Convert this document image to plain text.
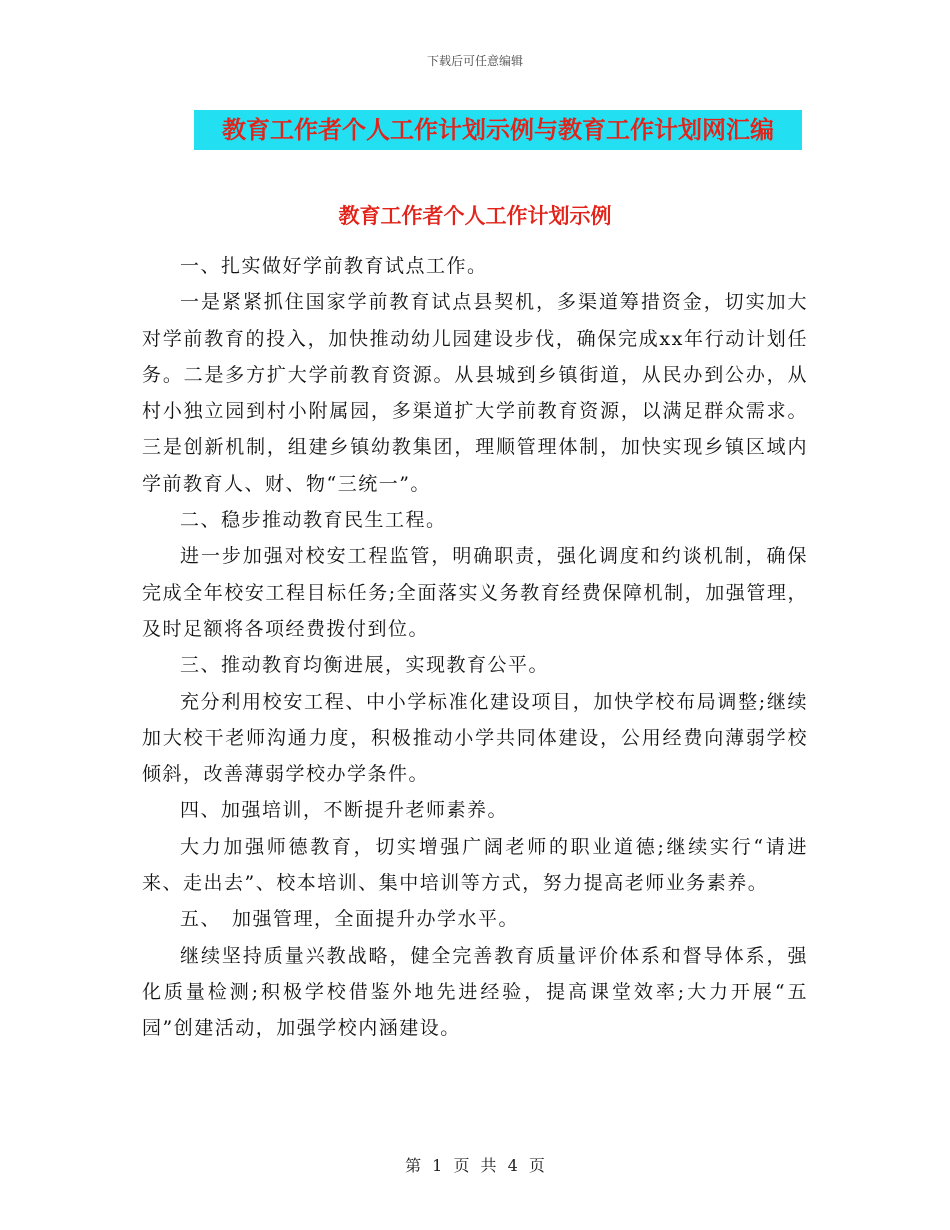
下载后可任意编辑
教育工作者个人工作计划示例与教育工作计划网汇编
教育工作者个人工作计划示例

一、扎实做好学前教育试点工作。

一是紧紧抓住国家学前教育试点县契机，多渠道筹措资金，切实加大对学前教育的投入，加快推动幼儿园建设步伐，确保完成xx年行动计划任务。二是多方扩大学前教育资源。从县城到乡镇街道，从民办到公办，从村小独立园到村小附属园，多渠道扩大学前教育资源，以满足群众需求。三是创新机制，组建乡镇幼教集团，理顺管理体制，加快实现乡镇区域内学前教育人、财、物“三统一”。

二、稳步推动教育民生工程。

进一步加强对校安工程监管，明确职责，强化调度和约谈机制，确保完成全年校安工程目标任务;全面落实义务教育经费保障机制，加强管理，及时足额将各项经费拨付到位。

三、推动教育均衡进展，实现教育公平。

充分利用校安工程、中小学标准化建设项目，加快学校布局调整;继续加大校干老师沟通力度，积极推动小学共同体建设，公用经费向薄弱学校倾斜，改善薄弱学校办学条件。

四、加强培训，不断提升老师素养。

大力加强师德教育，切实增强广阔老师的职业道德;继续实行“请进来、走出去”、校本培训、集中培训等方式，努力提高老师业务素养。

五、　加强管理，全面提升办学水平。

继续坚持质量兴教战略，健全完善教育质量评价体系和督导体系，强化质量检测;积极学校借鉴外地先进经验，提高课堂效率;大力开展“五园”创建活动，加强学校内涵建设。

第 1 页 共 4 页
